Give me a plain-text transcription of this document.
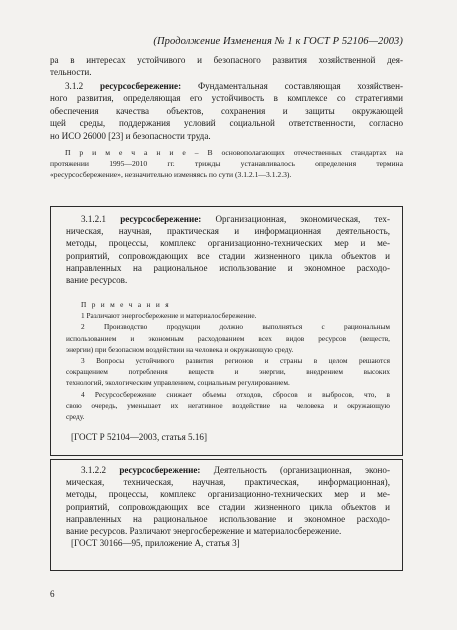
(Продолжение Изменения № 1 к ГОСТ Р 52106—2003)
ра в интересах устойчивого и безопасного развития хозяйственной дея-
тельности.
3.1.2 ресурсосбережение: Фундаментальная составляющая хозяйствен-
ного развития, определяющая его устойчивость в комплексе со стратегиями
обеспечения качества объектов, сохранения и защиты окружающей
щей среды, поддержания условий социальной ответственности, согласно
но ИСО 26000 [23] и безопасности труда.
П р и м е ч а н и е – В основополагающих отечественных стандартах на
протяжении 1995—2010 гг. трижды устанавливалось определения термина
«ресурсосбережение», незначительно изменяясь по сути (3.1.2.1—3.1.2.3).
3.1.2.1 ресурсосбережение: Организационная, экономическая, тех-
ническая, научная, практическая и информационная деятельность,
методы, процессы, комплекс организационно-технических мер и ме-
роприятий, сопровождающих все стадии жизненного цикла объектов и
направленных на рациональное использование и экономное расходо-
вание ресурсов.
П р и м е ч а н и я
1 Различают энергосбережение и материалосбережение.
2 Производство продукции должно выполняться с рациональным
использованием и экономным расходованием всех видов ресурсов (веществ,
энергии) при безопасном воздействии на человека и окружающую среду.
3 Вопросы устойчивого развития регионов и страны в целом решаются
сокращением потребления веществ и энергии, внедрением высоких
технологий, экологическим управлением, социальным регулированием.
4 Ресурсосбережение снижает объемы отходов, сбросов и выбросов, что, в
свою очередь, уменьшает их негативное воздействие на человека и окружающую
среду.
[ГОСТ Р 52104—2003, статья 5.16]
3.1.2.2 ресурсосбережение: Деятельность (организационная, эконо-
мическая, техническая, научная, практическая, информационная),
методы, процессы, комплекс организационно-технических мер и ме-
роприятий, сопровождающих все стадии жизненного цикла объектов и
направленных на рациональное использование и экономное расходо-
вание ресурсов. Различают энергосбережение и материалосбережение.
[ГОСТ 30166—95, приложение А, статья 3]
6
